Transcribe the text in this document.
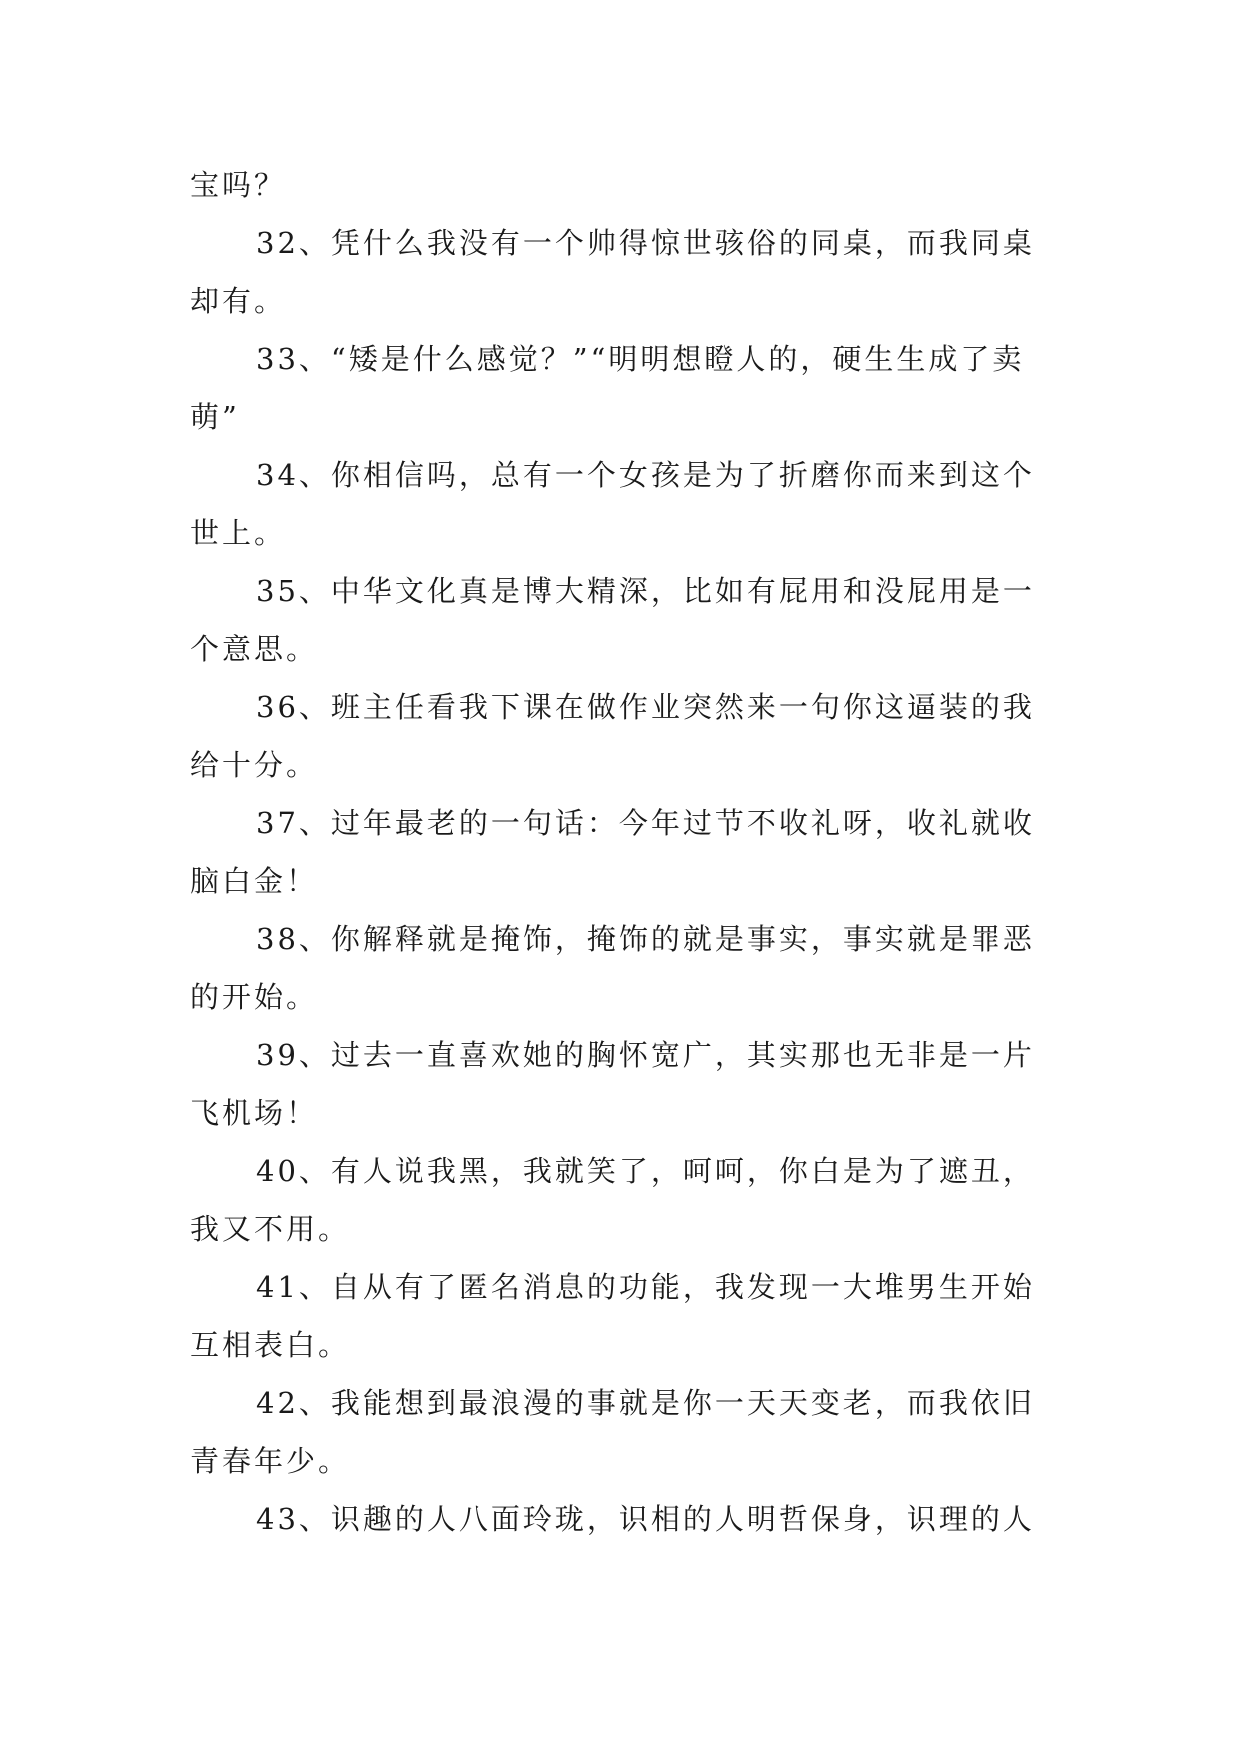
宝吗？
32、凭什么我没有一个帅得惊世骇俗的同桌，而我同桌
却有。
33、“矮是什么感觉？”“明明想瞪人的，硬生生成了卖
萌”
34、你相信吗，总有一个女孩是为了折磨你而来到这个
世上。
35、中华文化真是博大精深，比如有屁用和没屁用是一
个意思。
36、班主任看我下课在做作业突然来一句你这逼装的我
给十分。
37、过年最老的一句话：今年过节不收礼呀，收礼就收
脑白金！
38、你解释就是掩饰，掩饰的就是事实，事实就是罪恶
的开始。
39、过去一直喜欢她的胸怀宽广，其实那也无非是一片
飞机场！
40、有人说我黑，我就笑了，呵呵，你白是为了遮丑，
我又不用。
41、自从有了匿名消息的功能，我发现一大堆男生开始
互相表白。
42、我能想到最浪漫的事就是你一天天变老，而我依旧
青春年少。
43、识趣的人八面玲珑，识相的人明哲保身，识理的人
